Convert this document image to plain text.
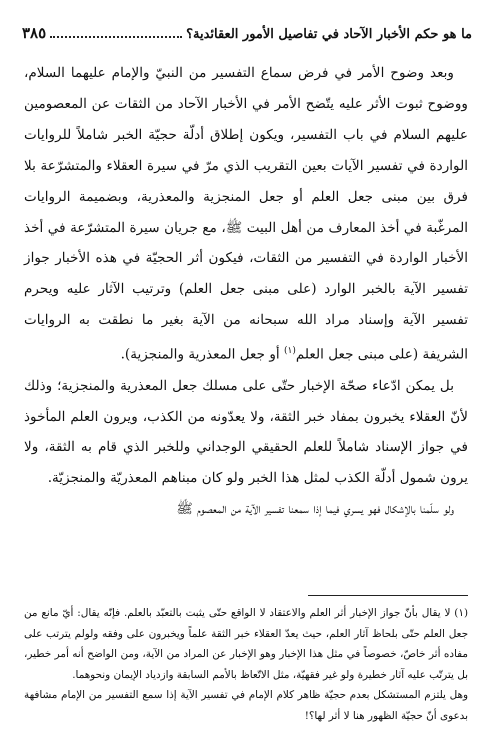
ما هو حكم الأخبار الآحاد في تفاصيل الأمور العقائدية؟
٣٨٥

وبعد وضوح الأمر في فرض سماع التفسير من النبيّ والإمام عليهما السلام، ووضوح ثبوت الأثر عليه يتّضح الأمر في الأخبار الآحاد من الثقات عن المعصومين عليهم السلام في باب التفسير، ويكون إطلاق أدلّة حجيّة الخبر شاملاً للروايات الواردة في تفسير الآيات بعين التقريب الذي مرّ في سيرة العقلاء والمتشرّعة بلا فرق بين مبنى جعل العلم أو جعل المنجزية والمعذرية، وبضميمة الروايات المرغّبة في أخذ المعارف من أهل البيت ﷺ، مع جريان سيرة المتشرّعة في أخذ الأخبار الواردة في التفسير من الثقات، فيكون أثر الحجيّة في هذه الأخبار جواز تفسير الآية بالخبر الوارد (على مبنى جعل العلم) وترتيب الآثار عليه ويحرم تفسير الآية وإسناد مراد الله سبحانه من الآية بغير ما نطقت به الروايات الشريفة (على مبنى جعل العلم$^{(١)}$ أو جعل المعذرية والمنجزية).

بل يمكن ادّعاء صحّة الإخبار حتّى على مسلك جعل المعذرية والمنجزية؛ وذلك لأنّ العقلاء يخبرون بمفاد خبر الثقة، ولا يعدّونه من الكذب، ويرون العلم المأخوذ في جواز الإسناد شاملاً للعلم الحقيقي الوجداني وللخبر الذي قام به الثقة، ولا يرون شمول أدلّة الكذب لمثل هذا الخبر ولو كان مبناهم المعذريّة والمنجزيّة.

ولو سلّمنا بالإشكال فهو يسري فيما إذا سمعنا تفسير الآية من المعصوم ﷺ

(١) لا يقال بأنّ جواز الإخبار أثر العلم والاعتقاد لا الواقع حتّى يثبت بالتعبّد بالعلم. فإنّه يقال: أيّ مانع من جعل العلم حتّى بلحاظ آثار العلم، حيث يعدّ العقلاء خبر الثقة علماً ويخبرون على وفقه ولولم يترتب على مفاده أثر خاصّ، خصوصاً في مثل هذا الإخبار وهو الإخبار عن المراد من الآية، ومن الواضح أنه أمر خطير، بل يترتّب عليه آثار خطيرة ولو غير فقهيّة، مثل الاتّعاظ بالأمم السابقة وازدياد الإيمان ونحوهما.

وهل يلتزم المستشكل بعدم حجيّة ظاهر كلام الإمام في تفسير الآية إذا سمع التفسير من الإمام مشافهة بدعوى أنّ حجيّة الظهور هنا لا أثر لها؟!
